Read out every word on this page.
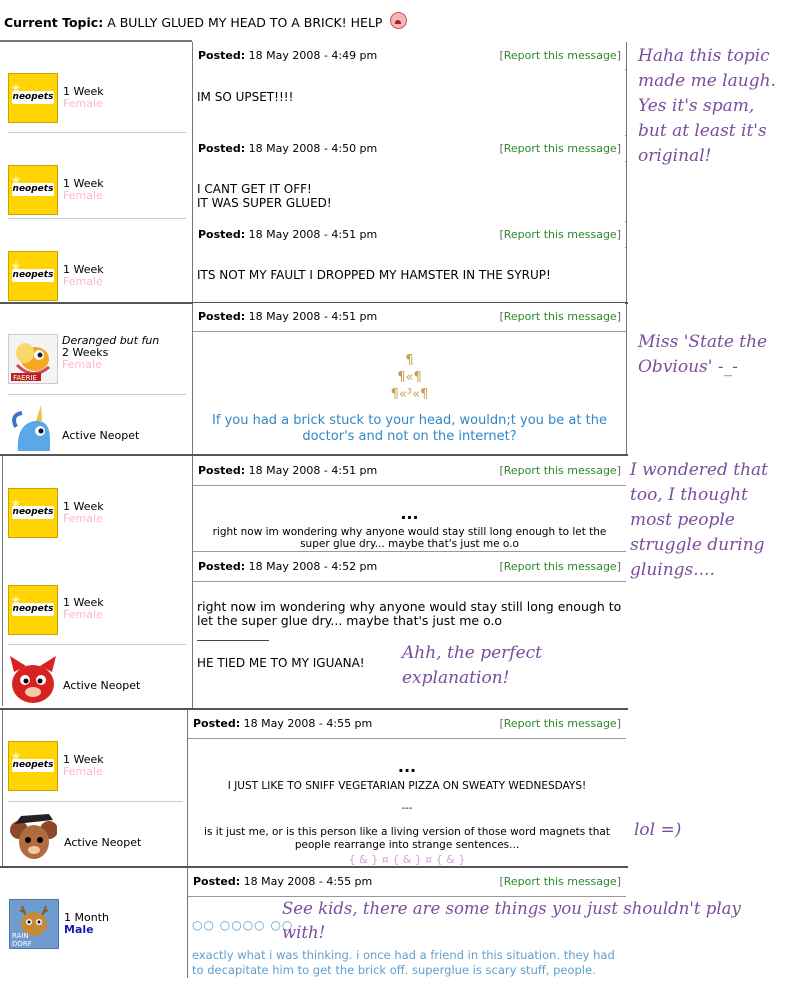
Current Topic: A BULLY GLUED MY HEAD TO A BRICK! HELP
neopets 1 Week
Female
Posted: 18 May 2008 - 4:49 pm	[Report this message]
IM SO UPSET!!!!
neopets 1 Week
Female
Posted: 18 May 2008 - 4:50 pm	[Report this message]
I CANT GET IT OFF!
IT WAS SUPER GLUED!
neopets 1 Week
Female
Posted: 18 May 2008 - 4:51 pm	[Report this message]
ITS NOT MY FAULT I DROPPED MY HAMSTER IN THE SYRUP!
FAERIE
Deranged but fun
2 Weeks
Female
Active Neopet
Posted: 18 May 2008 - 4:51 pm	[Report this message]
¶
¶«¶
¶«³«¶
If you had a brick stuck to your head, wouldn;t you be at the
doctor's and not on the internet?
neopets 1 Week
Female
Posted: 18 May 2008 - 4:51 pm	[Report this message]
...
right now im wondering why anyone would stay still long enough to let the
super glue dry... maybe that's just me o.o
neopets 1 Week
Female
Active Neopet
Posted: 18 May 2008 - 4:52 pm	[Report this message]
right now im wondering why anyone would stay still long enough to
let the super glue dry... maybe that's just me o.o
HE TIED ME TO MY IGUANA!
neopets 1 Week
Female
Active Neopet
Posted: 18 May 2008 - 4:55 pm	[Report this message]
...
I JUST LIKE TO SNIFF VEGETARIAN PIZZA ON SWEATY WEDNESDAYS!
---
is it just me, or is this person like a living version of those word magnets that
people rearrange into strange sentences...
{ & } ¤ { & } ¤ { & }
RAIN
DORF
1 Month
Male
Posted: 18 May 2008 - 4:55 pm	[Report this message]
○○ ○○○○ ○○
exactly what i was thinking. i once had a friend in this situation. they had
to decapitate him to get the brick off. superglue is scary stuff, people.
Haha this topic
made me laugh.
Yes it's spam,
but at least it's
original!
Miss 'State the
Obvious' -_-
I wondered that
too, I thought
most people
struggle during
gluings....
Ahh, the perfect
explanation!
lol =)
See kids, there are some things you just shouldn't play
with!
